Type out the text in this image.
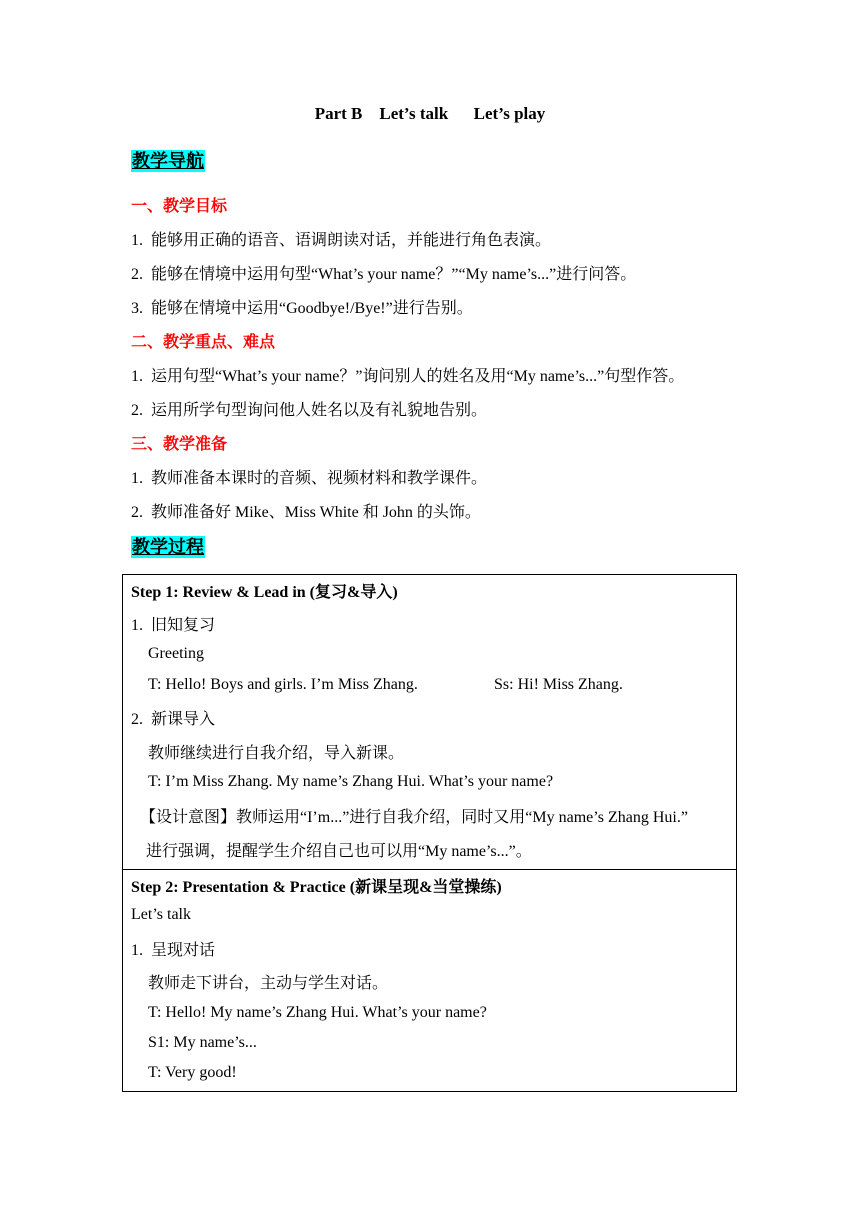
Part B    Let’s talk      Let’s play
教学导航
一、教学目标
1.  能够用正确的语音、语调朗读对话，并能进行角色表演。
2.  能够在情境中运用句型“What’s your name？”“My name’s...”进行问答。
3.  能够在情境中运用“Goodbye!/Bye!”进行告别。
二、教学重点、难点
1.  运用句型“What’s your name？”询问别人的姓名及用“My name’s...”句型作答。
2.  运用所学句型询问他人姓名以及有礼貌地告别。
三、教学准备
1.  教师准备本课时的音频、视频材料和教学课件。
2.  教师准备好 Mike、Miss White 和 John 的头饰。
教学过程
Step 1: Review & Lead in (复习&导入)
1.  旧知复习
Greeting
T: Hello! Boys and girls. I’m Miss Zhang.	Ss: Hi! Miss Zhang.
2.  新课导入
教师继续进行自我介绍，导入新课。
T: I’m Miss Zhang. My name’s Zhang Hui. What’s your name?
【设计意图】教师运用“I’m...”进行自我介绍，同时又用“My name’s Zhang Hui.”
进行强调，提醒学生介绍自己也可以用“My name’s...”。

Step 2: Presentation & Practice (新课呈现&当堂操练)
Let’s talk
1.  呈现对话
教师走下讲台，主动与学生对话。
T: Hello! My name’s Zhang Hui. What’s your name?
S1: My name’s...
T: Very good!
